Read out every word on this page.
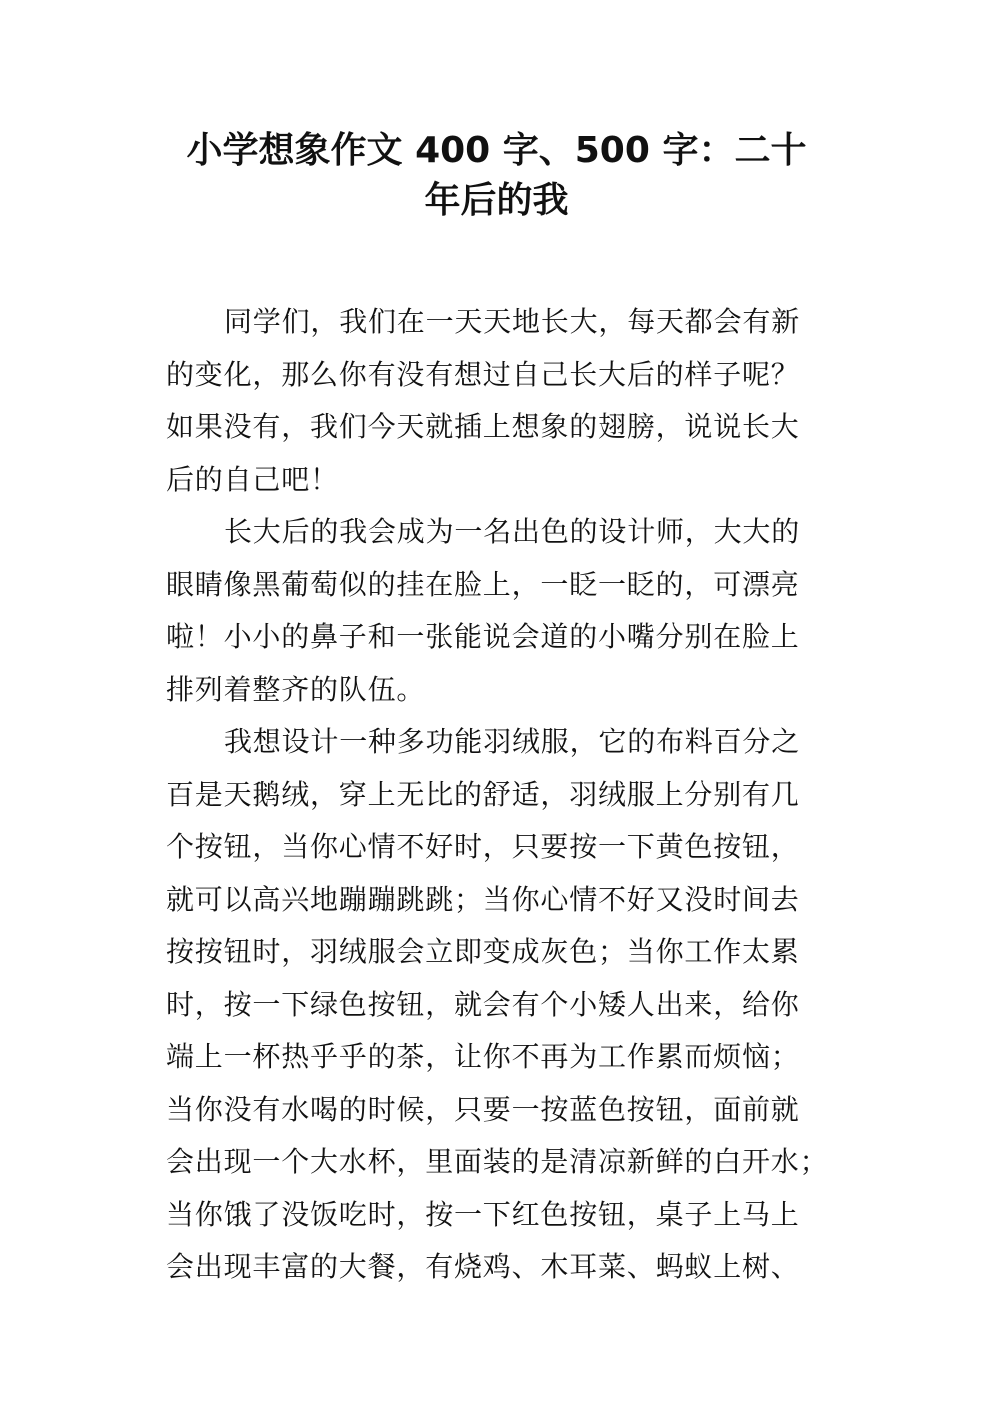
小学想象作文 400 字、500 字：二十
年后的我
同学们，我们在一天天地长大，每天都会有新
的变化，那么你有没有想过自己长大后的样子呢？
如果没有，我们今天就插上想象的翅膀，说说长大
后的自己吧！
长大后的我会成为一名出色的设计师，大大的
眼睛像黑葡萄似的挂在脸上，一眨一眨的，可漂亮
啦！小小的鼻子和一张能说会道的小嘴分别在脸上
排列着整齐的队伍。
我想设计一种多功能羽绒服，它的布料百分之
百是天鹅绒，穿上无比的舒适，羽绒服上分别有几
个按钮，当你心情不好时，只要按一下黄色按钮，
就可以高兴地蹦蹦跳跳；当你心情不好又没时间去
按按钮时，羽绒服会立即变成灰色；当你工作太累
时，按一下绿色按钮，就会有个小矮人出来，给你
端上一杯热乎乎的茶，让你不再为工作累而烦恼；
当你没有水喝的时候，只要一按蓝色按钮，面前就
会出现一个大水杯，里面装的是清凉新鲜的白开水；
当你饿了没饭吃时，按一下红色按钮，桌子上马上
会出现丰富的大餐，有烧鸡、木耳菜、蚂蚁上树、
